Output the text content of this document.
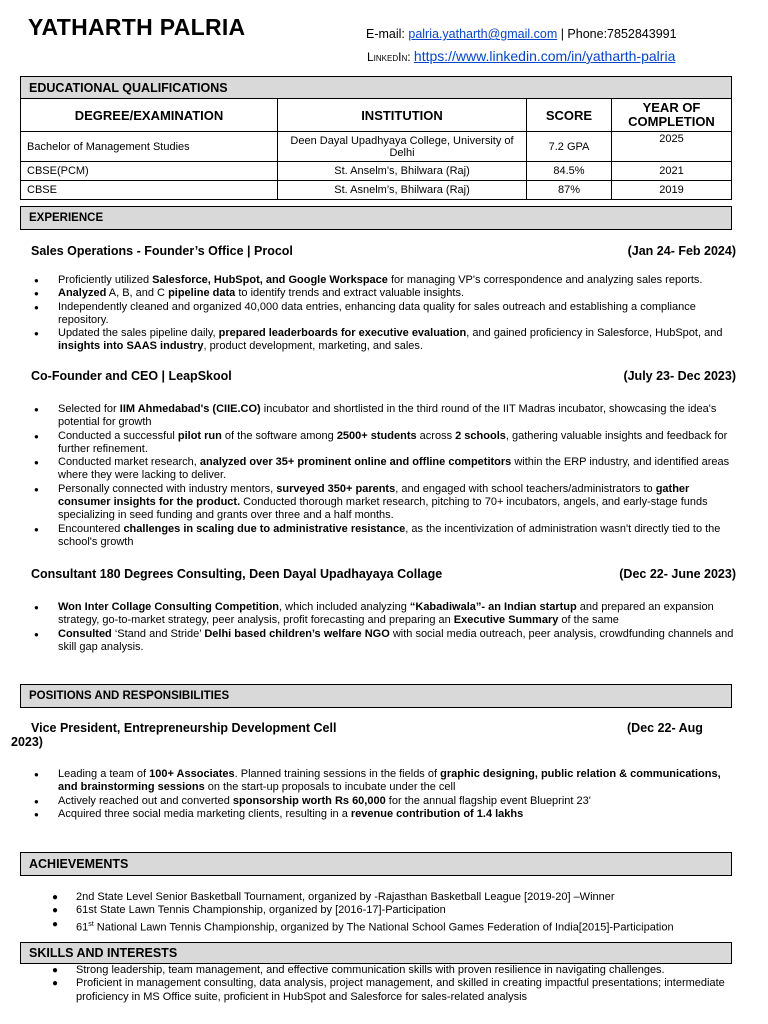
YATHARTH PALRIA	E-mail: palria.yatharth@gmail.com | Phone:7852843991
LinkedIn: https://www.linkedin.com/in/yatharth-palria
EDUCATIONAL QUALIFICATIONS
DEGREE/EXAMINATION	INSTITUTION	SCORE	YEAR OF COMPLETION
Bachelor of Management Studies	Deen Dayal Upadhyaya College, University of Delhi	7.2 GPA	2025
CBSE(PCM)	St. Anselm’s, Bhilwara (Raj)	84.5%	2021
CBSE	St. Asnelm’s, Bhilwara (Raj)	87%	2019
EXPERIENCE
Sales Operations - Founder’s Office | Procol	(Jan 24- Feb 2024)
● Proficiently utilized Salesforce, HubSpot, and Google Workspace for managing VP's correspondence and analyzing sales reports.
● Analyzed A, B, and C pipeline data to identify trends and extract valuable insights.
● Independently cleaned and organized 40,000 data entries, enhancing data quality for sales outreach and establishing a compliance repository.
● Updated the sales pipeline daily, prepared leaderboards for executive evaluation, and gained proficiency in Salesforce, HubSpot, and insights into SAAS industry, product development, marketing, and sales.
Co-Founder and CEO | LeapSkool	(July 23- Dec 2023)
● Selected for IIM Ahmedabad's (CIIE.CO) incubator and shortlisted in the third round of the IIT Madras incubator, showcasing the idea's potential for growth
● Conducted a successful pilot run of the software among 2500+ students across 2 schools, gathering valuable insights and feedback for further refinement.
● Conducted market research, analyzed over 35+ prominent online and offline competitors within the ERP industry, and identified areas where they were lacking to deliver.
● Personally connected with industry mentors, surveyed 350+ parents, and engaged with school teachers/administrators to gather consumer insights for the product. Conducted thorough market research, pitching to 70+ incubators, angels, and early-stage funds specializing in seed funding and grants over three and a half months.
● Encountered challenges in scaling due to administrative resistance, as the incentivization of administration wasn't directly tied to the school's growth
Consultant 180 Degrees Consulting, Deen Dayal Upadhayaya Collage	(Dec 22- June 2023)
● Won Inter Collage Consulting Competition, which included analyzing “Kabadiwala”- an Indian startup and prepared an expansion strategy, go-to-market strategy, peer analysis, profit forecasting and preparing an Executive Summary of the same
● Consulted ‘Stand and Stride’ Delhi based children’s welfare NGO with social media outreach, peer analysis, crowdfunding channels and skill gap analysis.
POSITIONS AND RESPONSIBILITIES
Vice President, Entrepreneurship Development Cell	(Dec 22- Aug
2023)
● Leading a team of 100+ Associates. Planned training sessions in the fields of graphic designing, public relation & communications, and brainstorming sessions on the start-up proposals to incubate under the cell
● Actively reached out and converted sponsorship worth Rs 60,000 for the annual flagship event Blueprint 23'
● Acquired three social media marketing clients, resulting in a revenue contribution of 1.4 lakhs
ACHIEVEMENTS
● 2nd State Level Senior Basketball Tournament, organized by -Rajasthan Basketball League [2019-20] –Winner
● 61st State Lawn Tennis Championship, organized by [2016-17]-Participation
● 61st National Lawn Tennis Championship, organized by The National School Games Federation of India[2015]-Participation
SKILLS AND INTERESTS
● Strong leadership, team management, and effective communication skills with proven resilience in navigating challenges.
● Proficient in management consulting, data analysis, project management, and skilled in creating impactful presentations; intermediate proficiency in MS Office suite, proficient in HubSpot and Salesforce for sales-related analysis
